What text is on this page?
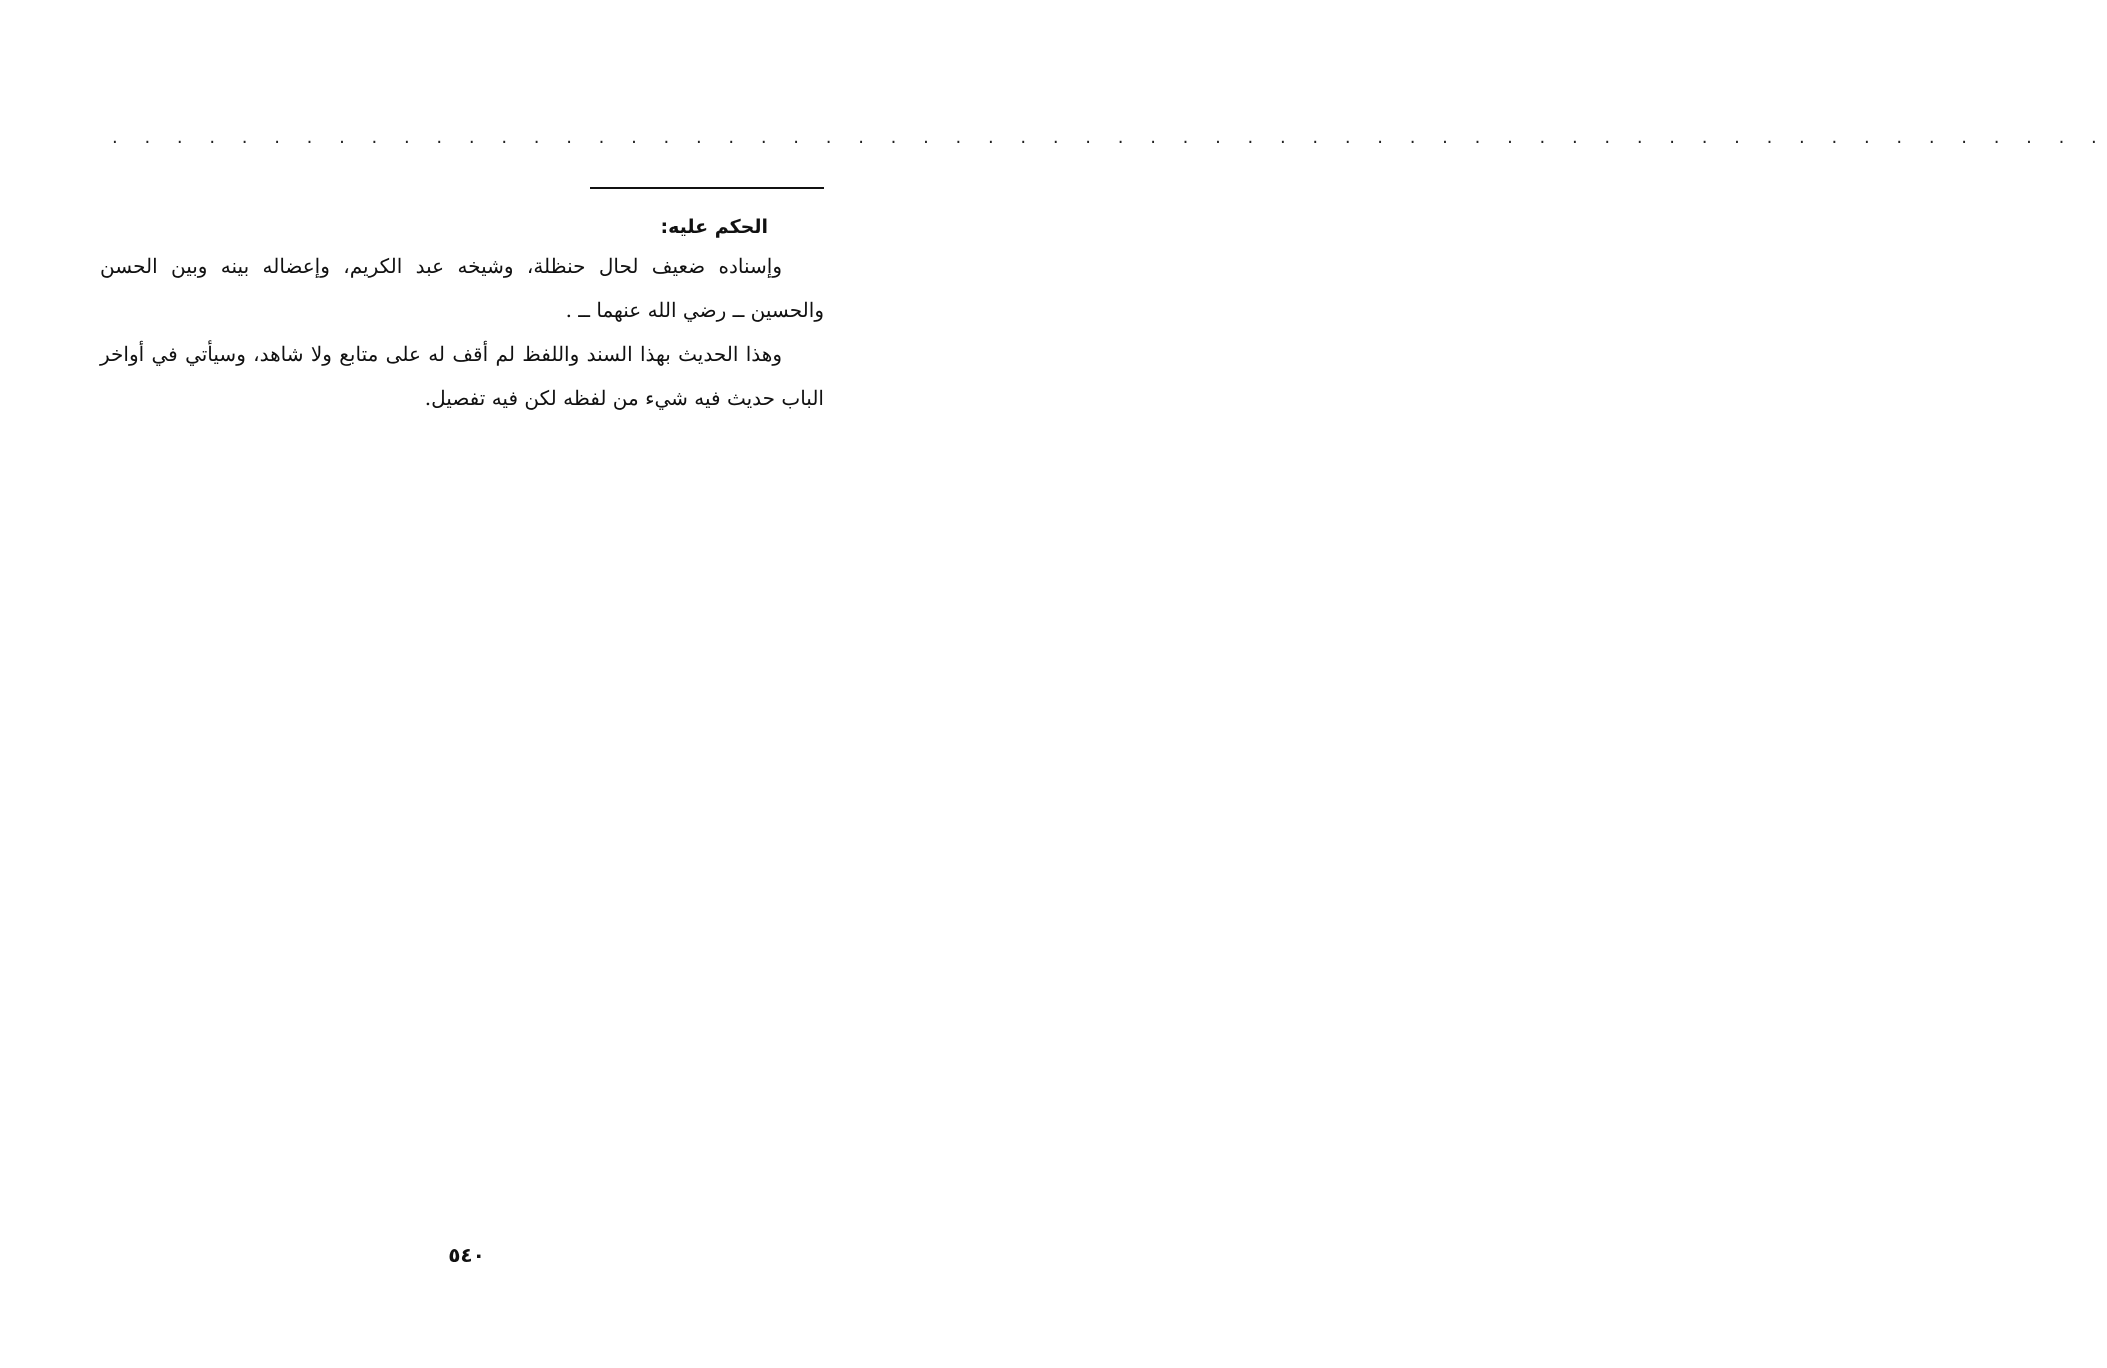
. . . . . . . . . . . . . . . . . . . . . . . . . . . . . . . . . . . . . . . . . . . . . . . . . . . . . . . . . . . . . .

الحكم عليه:

وإسناده ضعيف لحال حنظلة، وشيخه عبد الكريم، وإعضاله بينه وبين الحسن والحسين ــ رضي الله عنهما ــ .

وهذا الحديث بهذا السند واللفظ لم أقف له على متابع ولا شاهد، وسيأتي في أواخر الباب حديث فيه شيء من لفظه لكن فيه تفصيل.

٥٤٠
